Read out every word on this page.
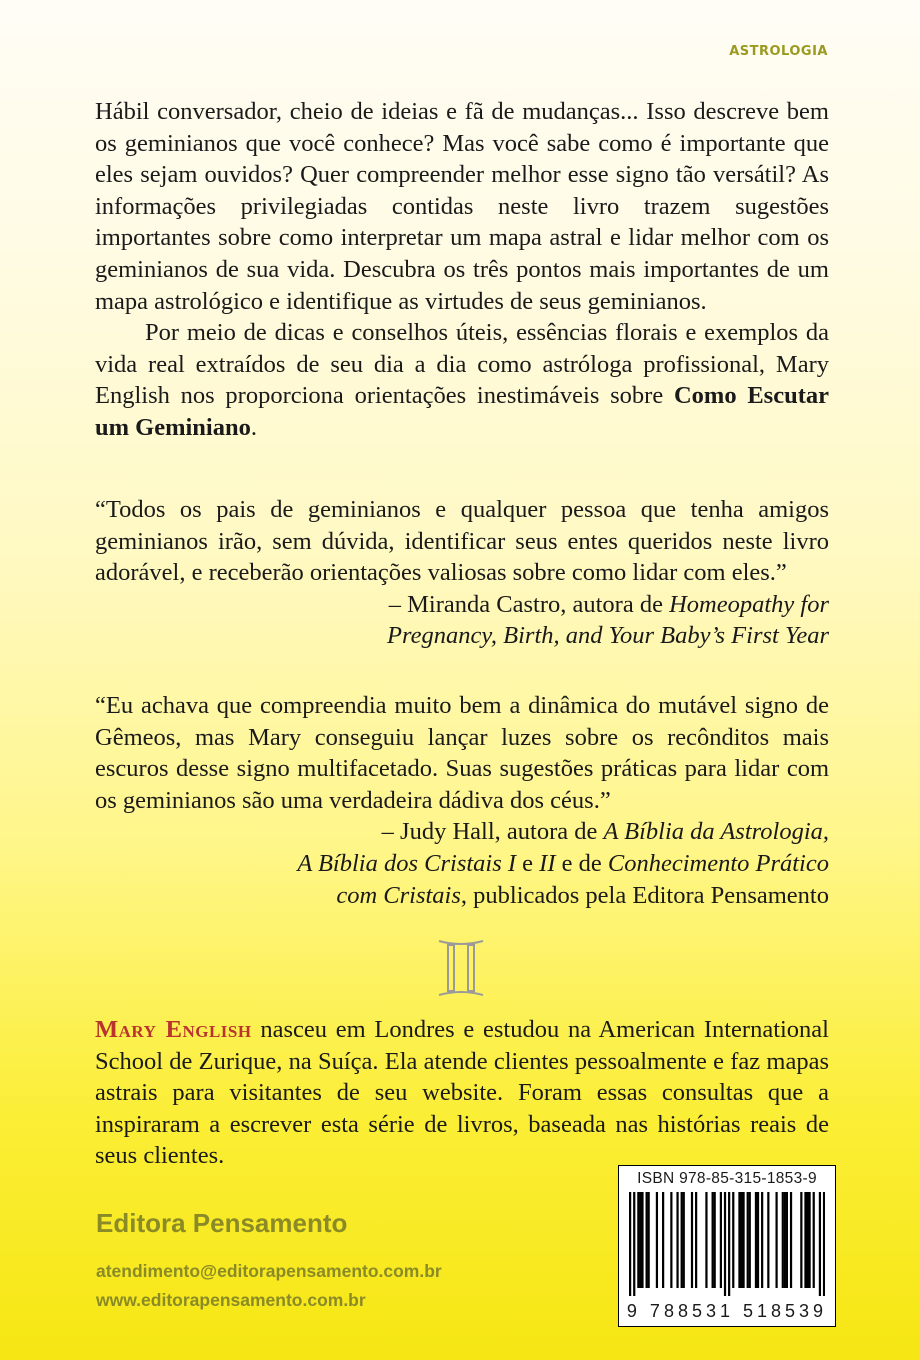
ASTROLOGIA

Hábil conversador, cheio de ideias e fã de mudanças... Isso descreve bem os geminianos que você conhece? Mas você sabe como é importante que eles sejam ouvidos? Quer compreender melhor esse signo tão versátil? As informações privilegiadas contidas neste livro trazem sugestões importantes sobre como interpretar um mapa astral e lidar melhor com os geminianos de sua vida. Descubra os três pontos mais importantes de um mapa astrológico e identifique as virtudes de seus geminianos.

Por meio de dicas e conselhos úteis, essências florais e exemplos da vida real extraídos de seu dia a dia como astróloga profissional, Mary English nos proporciona orientações inestimáveis sobre Como Escutar um Geminiano.

“Todos os pais de geminianos e qualquer pessoa que tenha amigos geminianos irão, sem dúvida, identificar seus entes queridos neste livro adorável, e receberão orientações valiosas sobre como lidar com eles.”

– Miranda Castro, autora de Homeopathy for
Pregnancy, Birth, and Your Baby’s First Year

“Eu achava que compreendia muito bem a dinâmica do mutável signo de Gêmeos, mas Mary conseguiu lançar luzes sobre os recônditos mais escuros desse signo multifacetado. Suas sugestões práticas para lidar com os geminianos são uma verdadeira dádiva dos céus.”

– Judy Hall, autora de A Bíblia da Astrologia,
A Bíblia dos Cristais I e II e de Conhecimento Prático
com Cristais, publicados pela Editora Pensamento

Mary English nasceu em Londres e estudou na American International School de Zurique, na Suíça. Ela atende clientes pessoalmente e faz mapas astrais para visitantes de seu website. Foram essas consultas que a inspiraram a escrever esta série de livros, baseada nas histórias reais de seus clientes.

Editora Pensamento
atendimento@editorapensamento.com.br
www.editorapensamento.com.br
ISBN 978-85-315-1853-9
9 788531 518539
